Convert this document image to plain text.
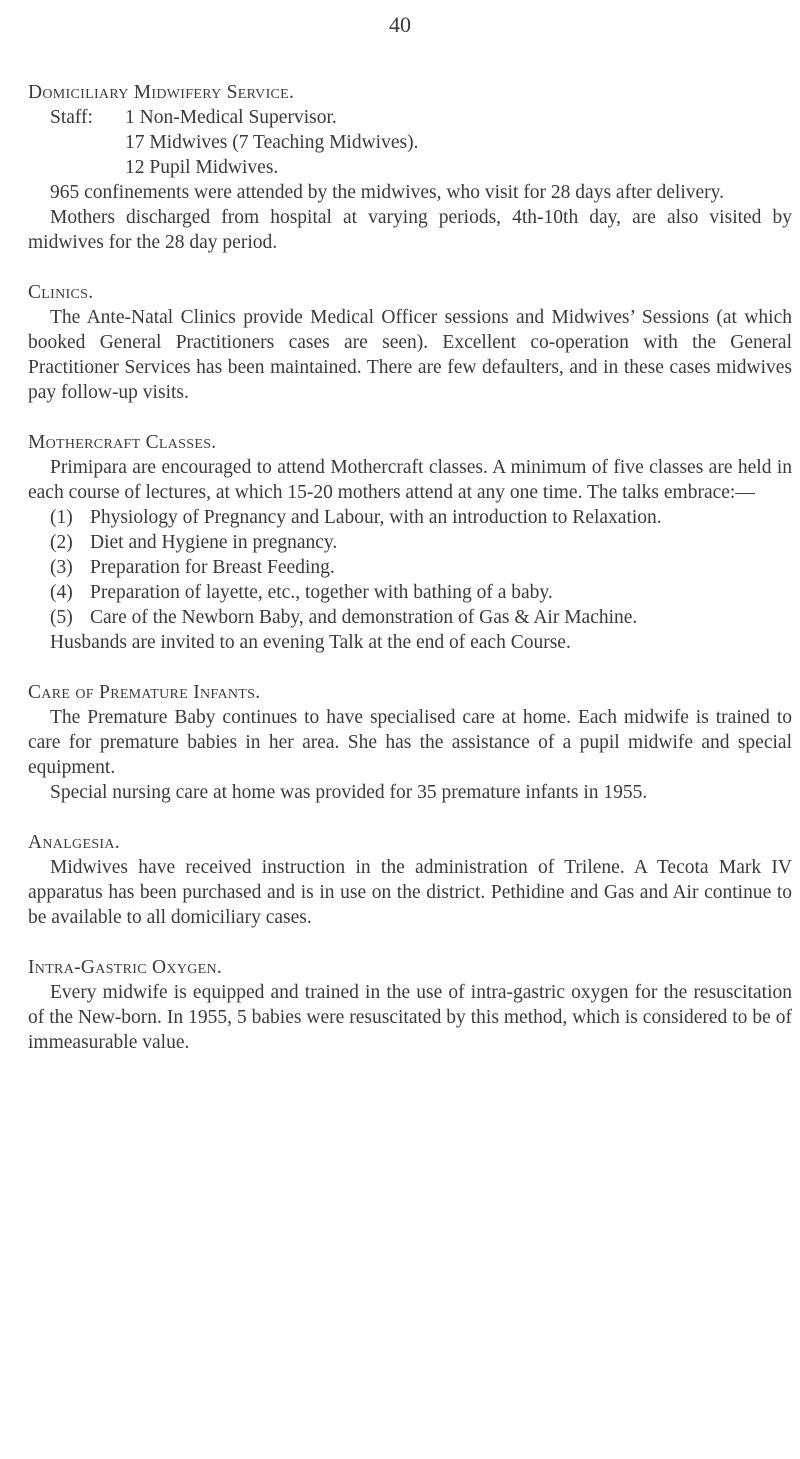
40
Domiciliary Midwifery Service.
Staff:	1 Non-Medical Supervisor.
17 Midwives (7 Teaching Midwives).
12 Pupil Midwives.

965 confinements were attended by the midwives, who visit for 28 days after delivery.

Mothers discharged from hospital at varying periods, 4th-10th day, are also visited by midwives for the 28 day period.

Clinics.

The Ante-Natal Clinics provide Medical Officer sessions and Midwives’ Sessions (at which booked General Practitioners cases are seen). Excellent co-operation with the General Practitioner Services has been maintained. There are few defaulters, and in these cases midwives pay follow-up visits.

Mothercraft Classes.

Primipara are encouraged to attend Mothercraft classes. A minimum of five classes are held in each course of lectures, at which 15-20 mothers attend at any one time. The talks embrace:—

(1) Physiology of Pregnancy and Labour, with an introduction to Relaxation.
(2) Diet and Hygiene in pregnancy.
(3) Preparation for Breast Feeding.
(4) Preparation of layette, etc., together with bathing of a baby.
(5) Care of the Newborn Baby, and demonstration of Gas & Air Machine.

Husbands are invited to an evening Talk at the end of each Course.

Care of Premature Infants.

The Premature Baby continues to have specialised care at home. Each midwife is trained to care for premature babies in her area. She has the assistance of a pupil midwife and special equipment.

Special nursing care at home was provided for 35 premature infants in 1955.

Analgesia.

Midwives have received instruction in the administration of Trilene. A Tecota Mark IV apparatus has been purchased and is in use on the district. Pethidine and Gas and Air continue to be available to all domiciliary cases.

Intra-Gastric Oxygen.

Every midwife is equipped and trained in the use of intra-gastric oxygen for the resuscitation of the New-born. In 1955, 5 babies were resuscitated by this method, which is considered to be of immeasurable value.
